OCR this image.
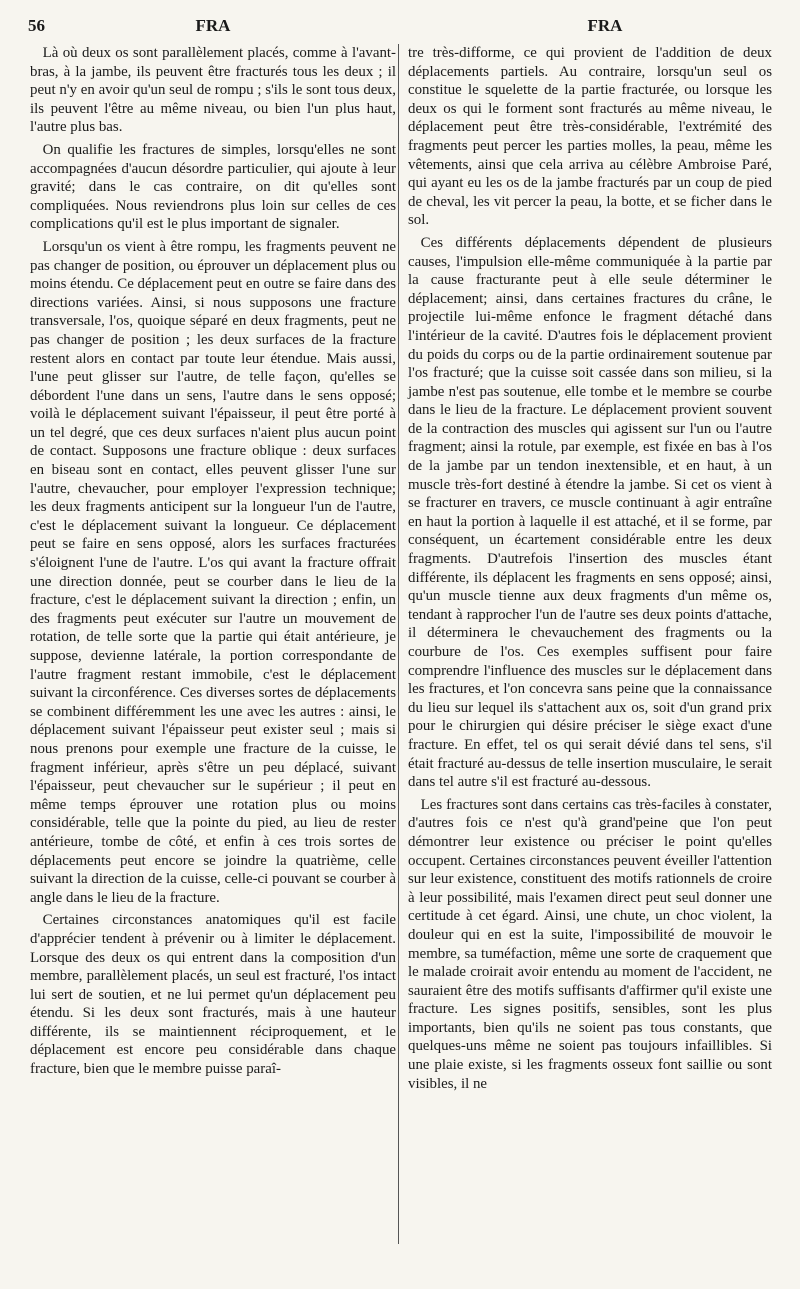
56	FRA	FRA

Là où deux os sont parallèlement placés, comme à l'avant-bras, à la jambe, ils peuvent être fracturés tous les deux ; il peut n'y en avoir qu'un seul de rompu ; s'ils le sont tous deux, ils peuvent l'être au même niveau, ou bien l'un plus haut, l'autre plus bas.

On qualifie les fractures de simples, lorsqu'elles ne sont accompagnées d'aucun désordre particulier, qui ajoute à leur gravité; dans le cas contraire, on dit qu'elles sont compliquées. Nous reviendrons plus loin sur celles de ces complications qu'il est le plus important de signaler.

Lorsqu'un os vient à être rompu, les fragments peuvent ne pas changer de position, ou éprouver un déplacement plus ou moins étendu. Ce déplacement peut en outre se faire dans des directions variées. Ainsi, si nous supposons une fracture transversale, l'os, quoique séparé en deux fragments, peut ne pas changer de position ; les deux surfaces de la fracture restent alors en contact par toute leur étendue. Mais aussi, l'une peut glisser sur l'autre, de telle façon, qu'elles se débordent l'une dans un sens, l'autre dans le sens opposé; voilà le déplacement suivant l'épaisseur, il peut être porté à un tel degré, que ces deux surfaces n'aient plus aucun point de contact. Supposons une fracture oblique : deux surfaces en biseau sont en contact, elles peuvent glisser l'une sur l'autre, chevaucher, pour employer l'expression technique; les deux fragments anticipent sur la longueur l'un de l'autre, c'est le déplacement suivant la longueur. Ce déplacement peut se faire en sens opposé, alors les surfaces fracturées s'éloignent l'une de l'autre. L'os qui avant la fracture offrait une direction donnée, peut se courber dans le lieu de la fracture, c'est le déplacement suivant la direction ; enfin, un des fragments peut exécuter sur l'autre un mouvement de rotation, de telle sorte que la partie qui était antérieure, je suppose, devienne latérale, la portion correspondante de l'autre fragment restant immobile, c'est le déplacement suivant la circonférence. Ces diverses sortes de déplacements se combinent différemment les une avec les autres : ainsi, le déplacement suivant l'épaisseur peut exister seul ; mais si nous prenons pour exemple une fracture de la cuisse, le fragment inférieur, après s'être un peu déplacé, suivant l'épaisseur, peut chevaucher sur le supérieur ; il peut en même temps éprouver une rotation plus ou moins considérable, telle que la pointe du pied, au lieu de rester antérieure, tombe de côté, et enfin à ces trois sortes de déplacements peut encore se joindre la quatrième, celle suivant la direction de la cuisse, celle-ci pouvant se courber à angle dans le lieu de la fracture.

Certaines circonstances anatomiques qu'il est facile d'apprécier tendent à prévenir ou à limiter le déplacement. Lorsque des deux os qui entrent dans la composition d'un membre, parallèlement placés, un seul est fracturé, l'os intact lui sert de soutien, et ne lui permet qu'un déplacement peu étendu. Si les deux sont fracturés, mais à une hauteur différente, ils se maintiennent réciproquement, et le déplacement est encore peu considérable dans chaque fracture, bien que le membre puisse paraî-

tre très-difforme, ce qui provient de l'addition de deux déplacements partiels. Au contraire, lorsqu'un seul os constitue le squelette de la partie fracturée, ou lorsque les deux os qui le forment sont fracturés au même niveau, le déplacement peut être très-considérable, l'extrémité des fragments peut percer les parties molles, la peau, même les vêtements, ainsi que cela arriva au célèbre Ambroise Paré, qui ayant eu les os de la jambe fracturés par un coup de pied de cheval, les vit percer la peau, la botte, et se ficher dans le sol.

Ces différents déplacements dépendent de plusieurs causes, l'impulsion elle-même communiquée à la partie par la cause fracturante peut à elle seule déterminer le déplacement; ainsi, dans certaines fractures du crâne, le projectile lui-même enfonce le fragment détaché dans l'intérieur de la cavité. D'autres fois le déplacement provient du poids du corps ou de la partie ordinairement soutenue par l'os fracturé; que la cuisse soit cassée dans son milieu, si la jambe n'est pas soutenue, elle tombe et le membre se courbe dans le lieu de la fracture. Le déplacement provient souvent de la contraction des muscles qui agissent sur l'un ou l'autre fragment; ainsi la rotule, par exemple, est fixée en bas à l'os de la jambe par un tendon inextensible, et en haut, à un muscle très-fort destiné à étendre la jambe. Si cet os vient à se fracturer en travers, ce muscle continuant à agir entraîne en haut la portion à laquelle il est attaché, et il se forme, par conséquent, un écartement considérable entre les deux fragments. D'autrefois l'insertion des muscles étant différente, ils déplacent les fragments en sens opposé; ainsi, qu'un muscle tienne aux deux fragments d'un même os, tendant à rapprocher l'un de l'autre ses deux points d'attache, il déterminera le chevauchement des fragments ou la courbure de l'os. Ces exemples suffisent pour faire comprendre l'influence des muscles sur le déplacement dans les fractures, et l'on concevra sans peine que la connaissance du lieu sur lequel ils s'attachent aux os, soit d'un grand prix pour le chirurgien qui désire préciser le siège exact d'une fracture. En effet, tel os qui serait dévié dans tel sens, s'il était fracturé au-dessus de telle insertion musculaire, le serait dans tel autre s'il est fracturé au-dessous.

Les fractures sont dans certains cas très-faciles à constater, d'autres fois ce n'est qu'à grand'peine que l'on peut démontrer leur existence ou préciser le point qu'elles occupent. Certaines circonstances peuvent éveiller l'attention sur leur existence, constituent des motifs rationnels de croire à leur possibilité, mais l'examen direct peut seul donner une certitude à cet égard. Ainsi, une chute, un choc violent, la douleur qui en est la suite, l'impossibilité de mouvoir le membre, sa tuméfaction, même une sorte de craquement que le malade croirait avoir entendu au moment de l'accident, ne sauraient être des motifs suffisants d'affirmer qu'il existe une fracture. Les signes positifs, sensibles, sont les plus importants, bien qu'ils ne soient pas tous constants, que quelques-uns même ne soient pas toujours infaillibles. Si une plaie existe, si les fragments osseux font saillie ou sont visibles, il ne
